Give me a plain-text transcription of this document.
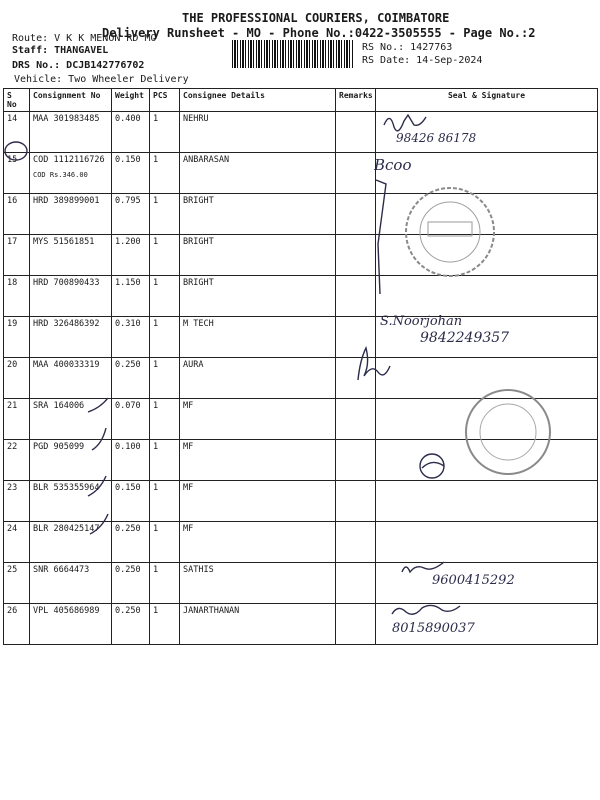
THE PROFESSIONAL COURIERS, COIMBATORE
Delivery Runsheet - MO - Phone No.:0422-3505555 - Page No.:2
Route: V K K MENON RD MO
Staff: THANGAVEL	RS No.: 1427763
RS Date: 14-Sep-2024
DRS No.: DCJB142776702
Vehicle: Two Wheeler Delivery
S No	Consignment No	Weight	PCS	Consignee Details	Remarks	Seal & Signature
14	MAA 301983485	0.400	1	NEHRU		
15	COD 1112116726
COD Rs.346.00	0.150	1	ANBARASAN		
16	HRD 389899001	0.795	1	BRIGHT		
17	MYS 51561851	1.200	1	BRIGHT		
18	HRD 700890433	1.150	1	BRIGHT		
19	HRD 326486392	0.310	1	M TECH		
20	MAA 400033319	0.250	1	AURA		
21	SRA 164006	0.070	1	MF		
22	PGD 905099	0.100	1	MF		
23	BLR 535355964	0.150	1	MF		
24	BLR 280425147	0.250	1	MF		
25	SNR 6664473	0.250	1	SATHIS		
26	VPL 405686989	0.250	1	JANARTHANAN		
98426 86178
Bcoo
S.Noorjohan
9842249357
9600415292
8015890037
